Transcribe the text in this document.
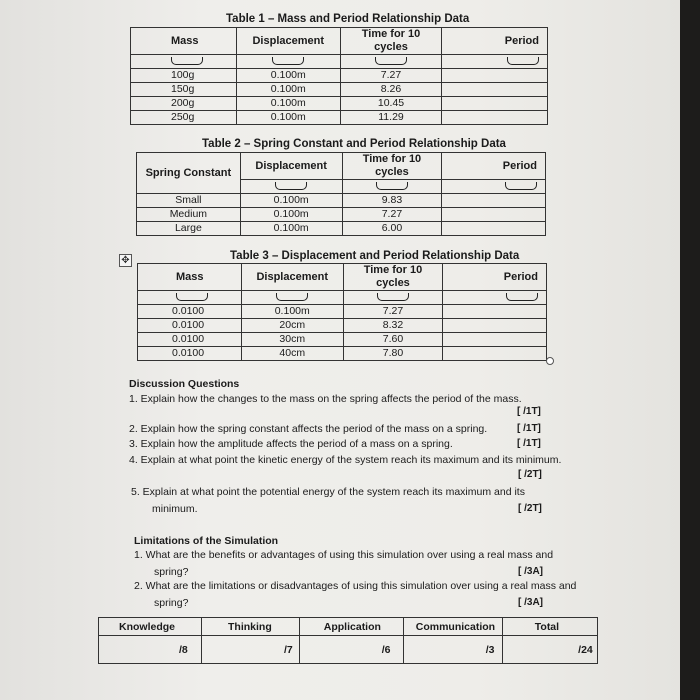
Table 1 – Mass and Period Relationship Data
Mass	Displacement	Time for 10 cycles	Period

100g	0.100m	7.27	
150g	0.100m	8.26	
200g	0.100m	10.45	
250g	0.100m	11.29	
Table 2 – Spring Constant and Period Relationship Data
Spring Constant	Displacement	Time for 10 cycles	Period

Small	0.100m	9.83	
Medium	0.100m	7.27	
Large	0.100m	6.00	
✥	Table 3 – Displacement and Period Relationship Data
Mass	Displacement	Time for 10 cycles	Period

0.0100	0.100m	7.27	
0.0100	20cm	8.32	
0.0100	30cm	7.60	
0.0100	40cm	7.80	
Discussion Questions
1. Explain how the changes to the mass on the spring affects the period of the mass.
[ /1T]
2. Explain how the spring constant affects the period of the mass on a spring.	[ /1T]
3. Explain how the amplitude affects the period of a mass on a spring.	[ /1T]
4. Explain at what point the kinetic energy of the system reach its maximum and its minimum.
[ /2T]
5. Explain at what point the potential energy of the system reach its maximum and its
minimum.	[ /2T]
Limitations of the Simulation
1. What are the benefits or advantages of using this simulation over using a real mass and
spring?	[ /3A]
2. What are the limitations or disadvantages of using this simulation over using a real mass and
spring?	[ /3A]
Knowledge	Thinking	Application	Communication	Total
/8	/7	/6	/3	/24
